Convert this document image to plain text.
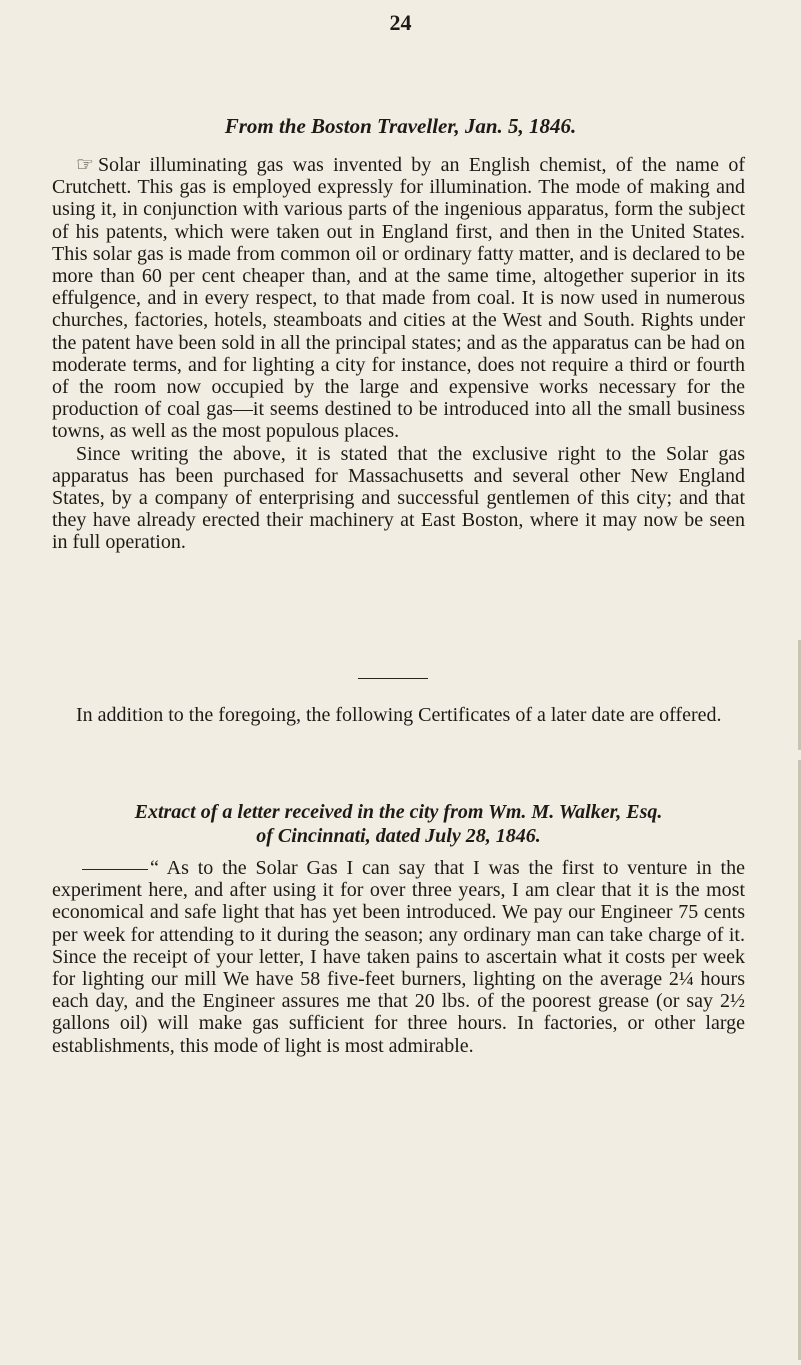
24
From the Boston Traveller, Jan. 5, 1846.

☞ Solar illuminating gas was invented by an English chemist, of the name of Crutchett. This gas is employed expressly for illumination. The mode of making and using it, in conjunction with various parts of the ingenious apparatus, form the subject of his patents, which were taken out in England first, and then in the United States. This solar gas is made from common oil or ordinary fatty matter, and is declared to be more than 60 per cent cheaper than, and at the same time, altogether superior in its effulgence, and in every respect, to that made from coal. It is now used in numerous churches, factories, hotels, steamboats and cities at the West and South. Rights under the patent have been sold in all the principal states; and as the apparatus can be had on moderate terms, and for lighting a city for instance, does not require a third or fourth of the room now occupied by the large and expensive works necessary for the production of coal gas—it seems destined to be introduced into all the small business towns, as well as the most populous places.

Since writing the above, it is stated that the exclusive right to the Solar gas apparatus has been purchased for Massachusetts and several other New England States, by a company of enterprising and successful gentlemen of this city; and that they have already erected their machinery at East Boston, where it may now be seen in full operation.

In addition to the foregoing, the following Certificates of a later date are offered.

Extract of a letter received in the city from Wm. M. Walker, Esq.
of Cincinnati, dated July 28, 1846.

“ As to the Solar Gas I can say that I was the first to venture in the experiment here, and after using it for over three years, I am clear that it is the most economical and safe light that has yet been introduced. We pay our Engineer 75 cents per week for attending to it during the season; any ordinary man can take charge of it. Since the receipt of your letter, I have taken pains to ascertain what it costs per week for lighting our mill We have 58 five-feet burners, lighting on the average 2¼ hours each day, and the Engineer assures me that 20 lbs. of the poorest grease (or say 2½ gallons oil) will make gas sufficient for three hours. In factories, or other large establishments, this mode of light is most admirable.
